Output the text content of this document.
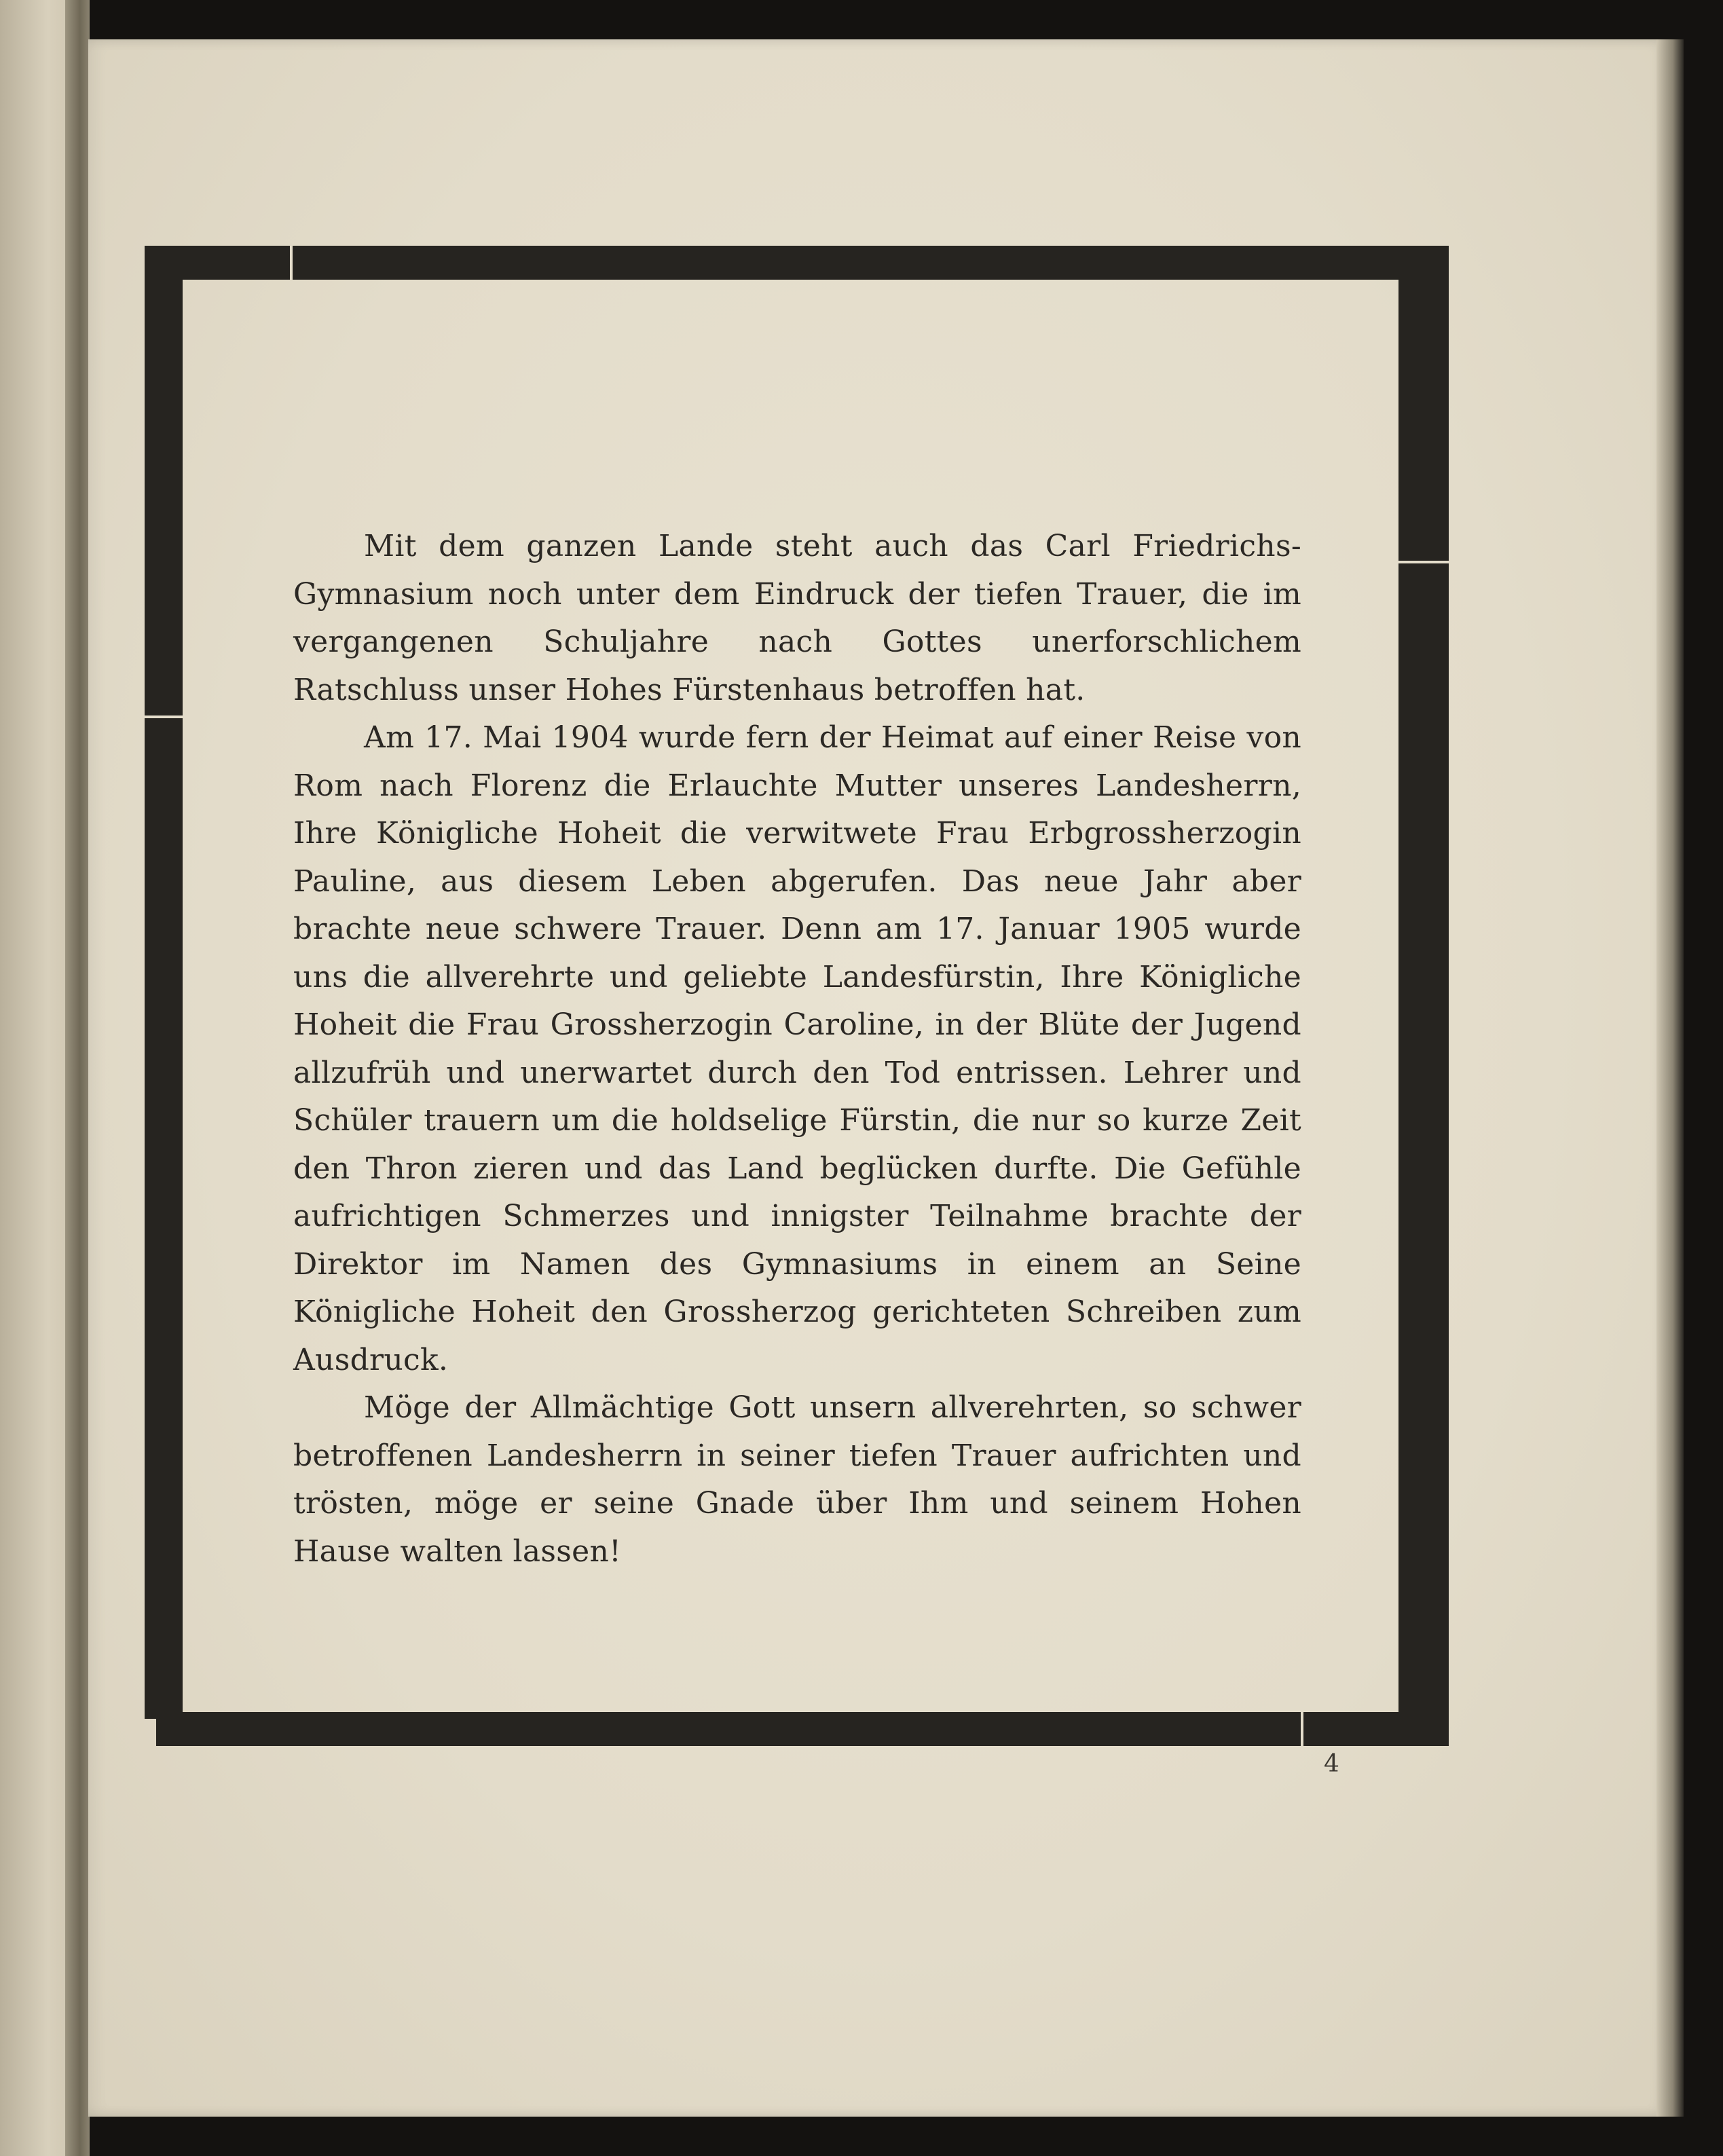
Mit dem ganzen Lande steht auch das Carl Friedrichs-Gymnasium noch unter dem Eindruck der tiefen Trauer, die im vergangenen Schuljahre nach Gottes unerforschlichem Ratschluss unser Hohes Fürstenhaus betroffen hat.

Am 17. Mai 1904 wurde fern der Heimat auf einer Reise von Rom nach Florenz die Erlauchte Mutter unseres Landesherrn, Ihre Königliche Hoheit die verwitwete Frau Erbgrossherzogin Pauline, aus diesem Leben abgerufen. Das neue Jahr aber brachte neue schwere Trauer. Denn am 17. Januar 1905 wurde uns die allverehrte und geliebte Landesfürstin, Ihre Königliche Hoheit die Frau Grossherzogin Caroline, in der Blüte der Jugend allzufrüh und unerwartet durch den Tod entrissen. Lehrer und Schüler trauern um die holdselige Fürstin, die nur so kurze Zeit den Thron zieren und das Land beglücken durfte. Die Gefühle aufrichtigen Schmerzes und innigster Teilnahme brachte der Direktor im Namen des Gymnasiums in einem an Seine Königliche Hoheit den Grossherzog gerichteten Schreiben zum Ausdruck.

Möge der Allmächtige Gott unsern allverehrten, so schwer betroffenen Landesherrn in seiner tiefen Trauer aufrichten und trösten, möge er seine Gnade über Ihm und seinem Hohen Hause walten lassen!

4
